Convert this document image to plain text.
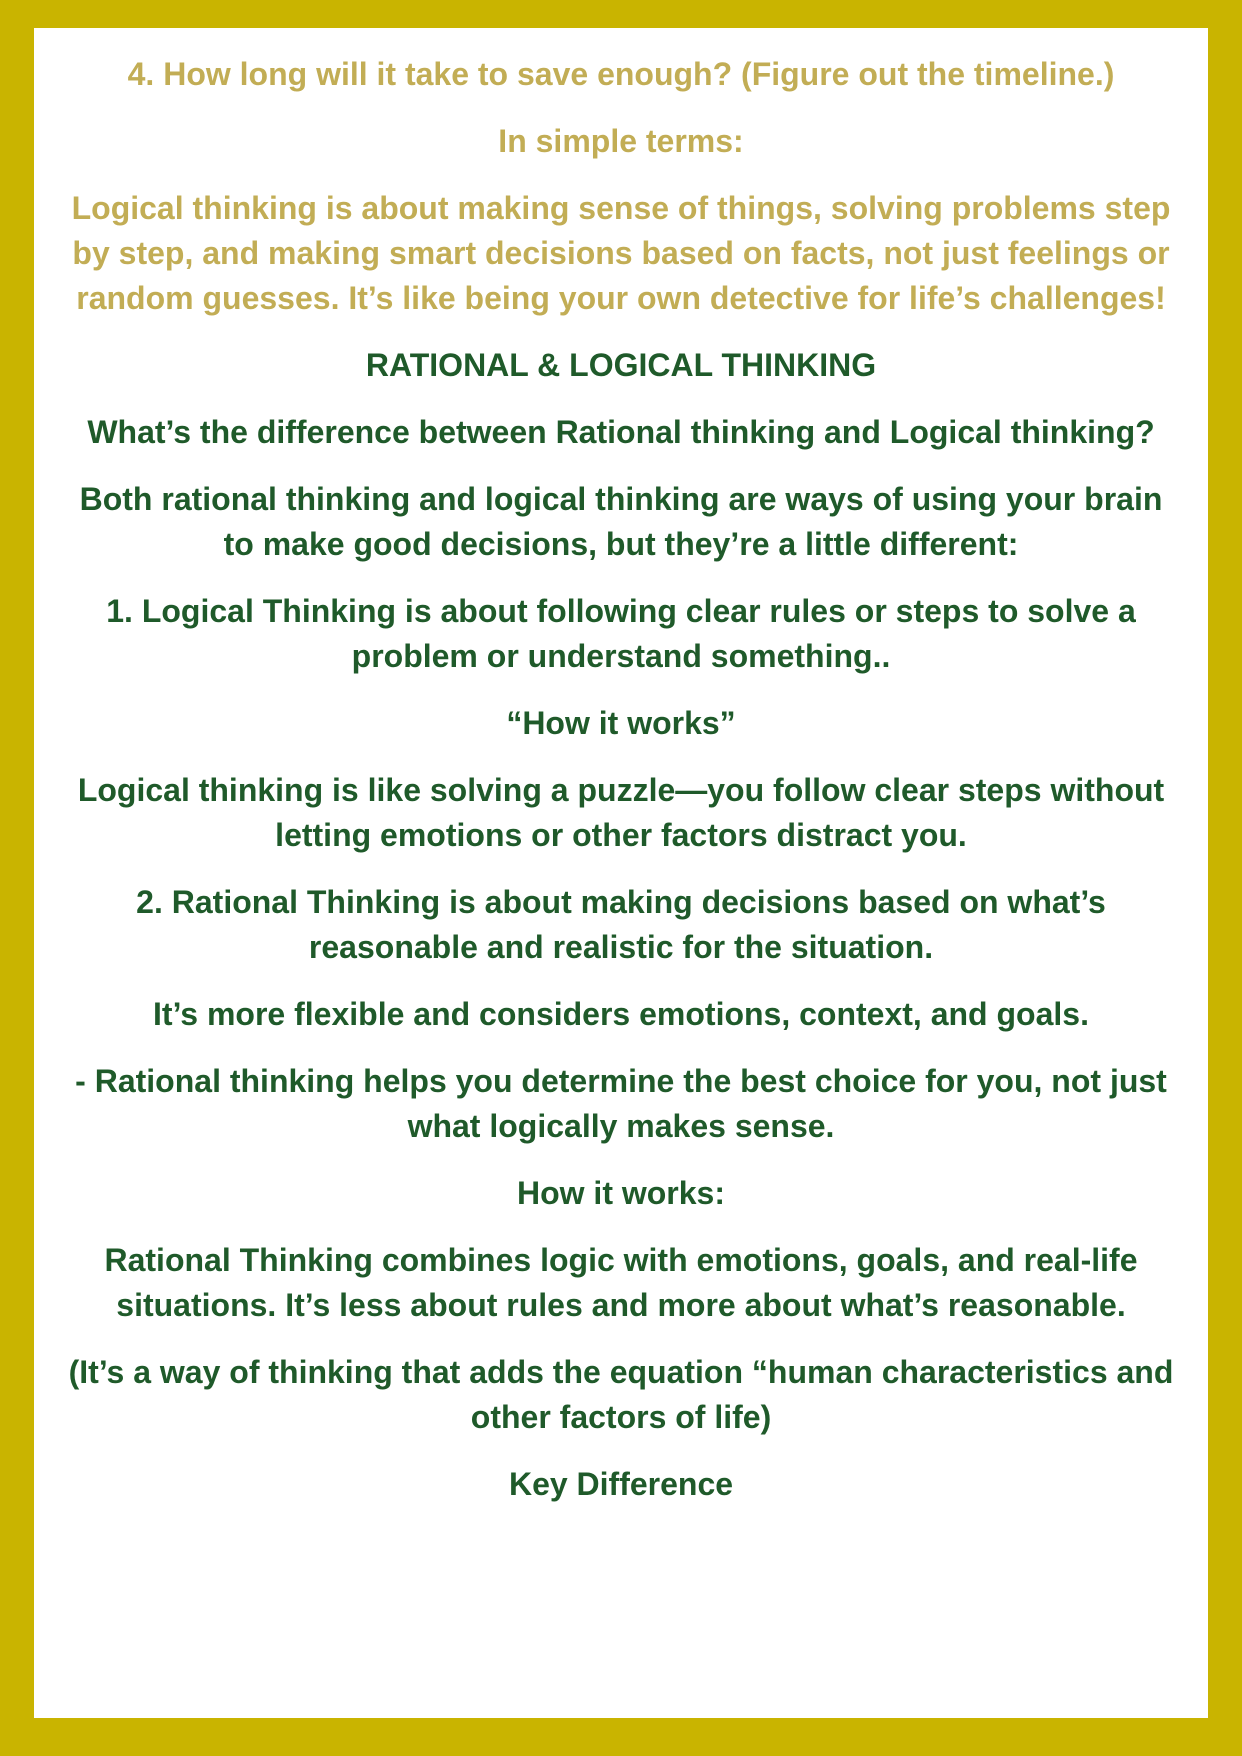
4. How long will it take to save enough? (Figure out the timeline.)

In simple terms:

Logical thinking is about making sense of things, solving problems step by step, and making smart decisions based on facts, not just feelings or random guesses. It’s like being your own detective for life’s challenges!

RATIONAL & LOGICAL THINKING

What’s the difference between Rational thinking and Logical thinking?

Both rational thinking and logical thinking are ways of using your brain to make good decisions, but they’re a little different:

1. Logical Thinking is about following clear rules or steps to solve a problem or understand something..

“How it works”

Logical thinking is like solving a puzzle—you follow clear steps without letting emotions or other factors distract you.

2. Rational Thinking is about making decisions based on what’s reasonable and realistic for the situation.

It’s more flexible and considers emotions, context, and goals.

- Rational thinking helps you determine the best choice for you, not just what logically makes sense.

How it works:

Rational Thinking combines logic with emotions, goals, and real-life situations. It’s less about rules and more about what’s reasonable.

(It’s a way of thinking that adds the equation “human characteristics and other factors of life)

Key Difference
